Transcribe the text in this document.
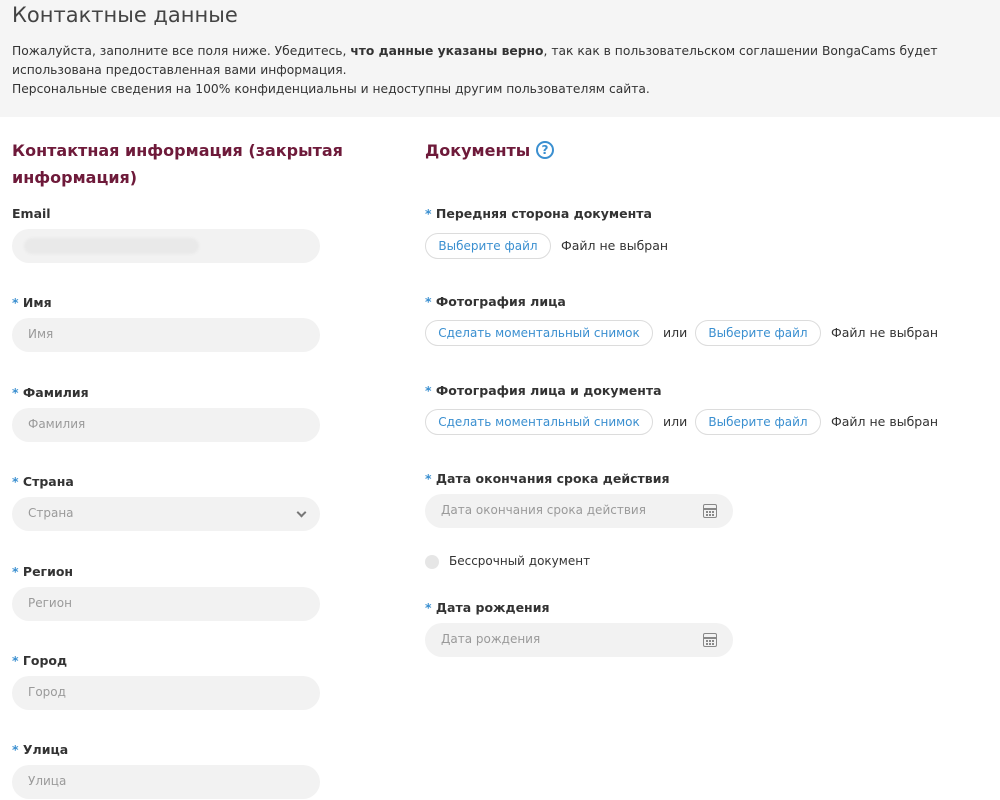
Контактные данные
Пожалуйста, заполните все поля ниже. Убедитесь, что данные указаны верно, так как в пользовательском соглашении BongaCams будет использована предоставленная вами информация.
Персональные сведения на 100% конфиденциальны и недоступны другим пользователям сайта.
Контактная информация (закрытая информация)
Email
* Имя
Имя
* Фамилия
Фамилия
* Страна
Страна
* Регион
Регион
* Город
Город
* Улица
Улица
Документы ?
* Передняя сторона документа
Выберите файл	Файл не выбран
* Фотография лица
Сделать моментальный снимок	или	Выберите файл	Файл не выбран
* Фотография лица и документа
Сделать моментальный снимок	или	Выберите файл	Файл не выбран
* Дата окончания срока действия
Дата окончания срока действия
Бессрочный документ
* Дата рождения
Дата рождения
